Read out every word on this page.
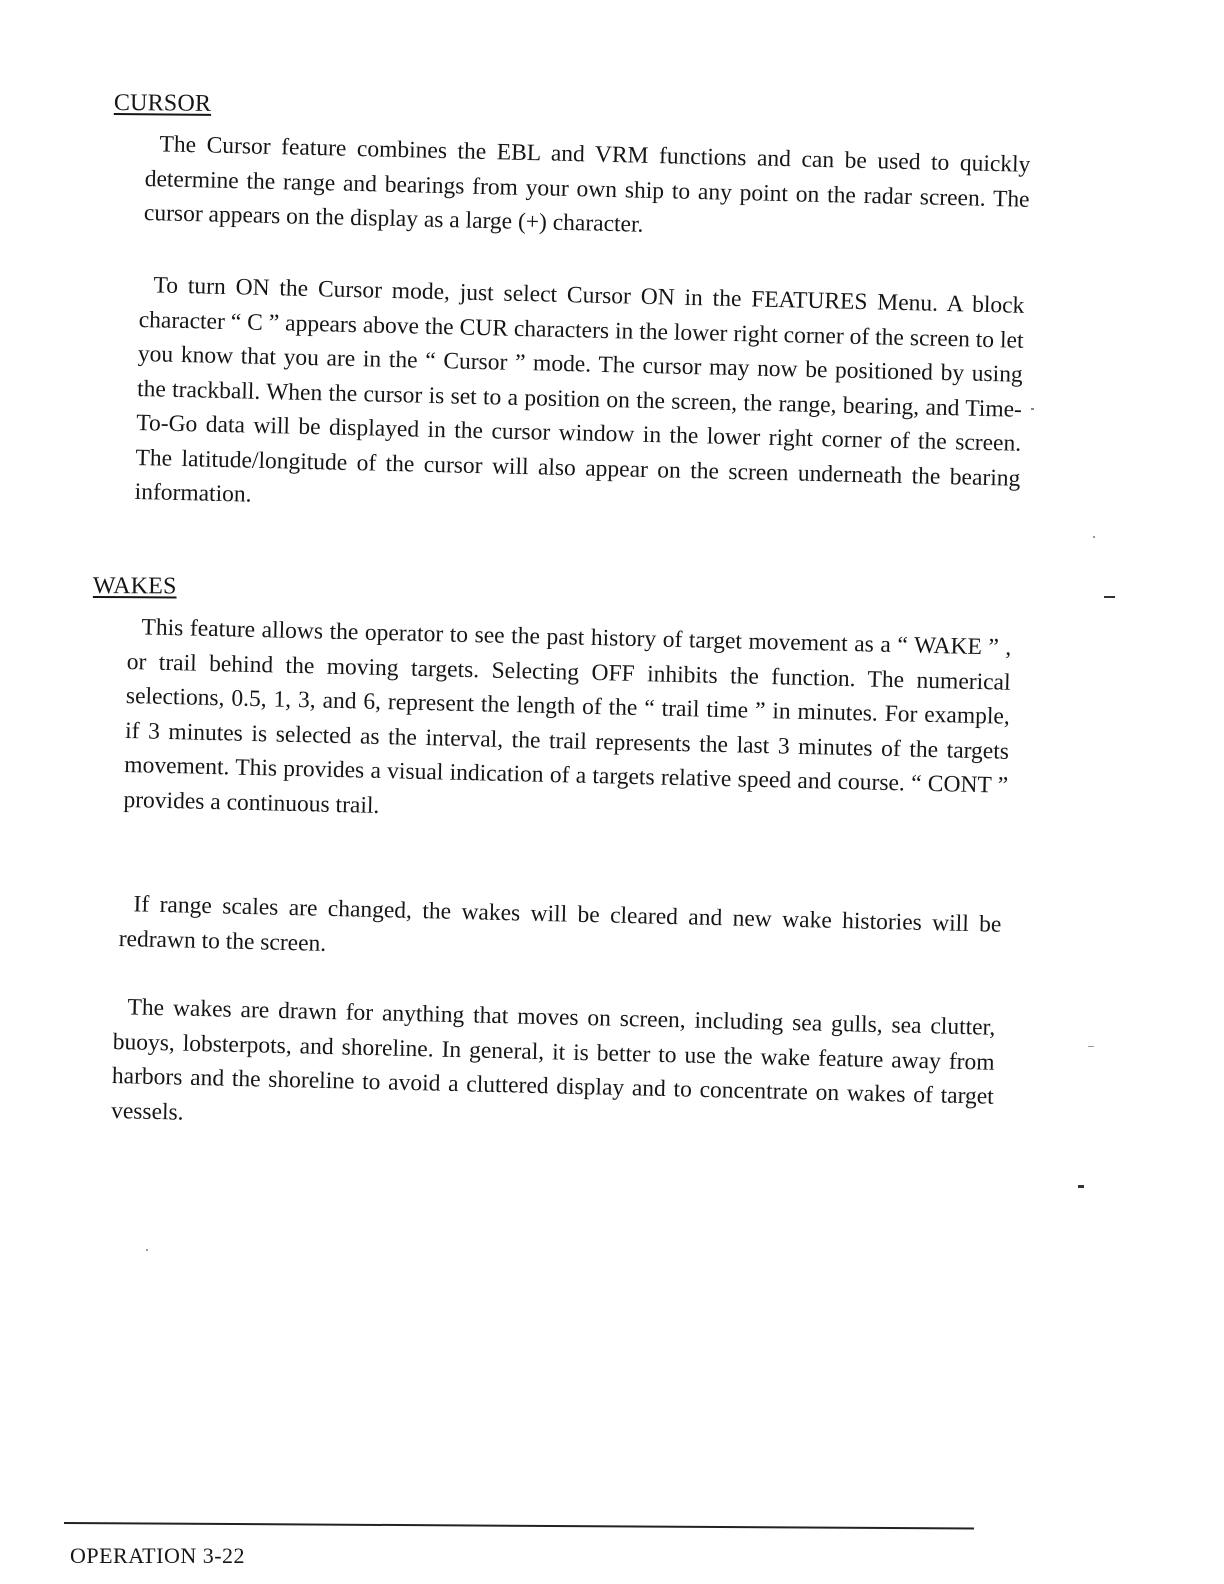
CURSOR

The Cursor feature combines the EBL and VRM functions and can be used to quickly determine the range and bearings from your own ship to any point on the radar screen. The cursor appears on the display as a large (+) character.

To turn ON the Cursor mode, just select Cursor ON in the FEATURES Menu. A block character “ C ” appears above the CUR characters in the lower right corner of the screen to let you know that you are in the “ Cursor ” mode. The cursor may now be positioned by using the trackball. When the cursor is set to a position on the screen, the range, bearing, and Time-To-Go data will be displayed in the cursor window in the lower right corner of the screen. The latitude/longitude of the cursor will also appear on the screen underneath the bearing information.

WAKES

This feature allows the operator to see the past history of target movement as a “ WAKE ” , or trail behind the moving targets. Selecting OFF inhibits the function. The numerical selections, 0.5, 1, 3, and 6, represent the length of the “ trail time ” in minutes. For example, if 3 minutes is selected as the interval, the trail represents the last 3 minutes of the targets movement. This provides a visual indication of a targets relative speed and course. “ CONT ” provides a continuous trail.

If range scales are changed, the wakes will be cleared and new wake histories will be redrawn to the screen.

The wakes are drawn for anything that moves on screen, including sea gulls, sea clutter, buoys, lobsterpots, and shoreline. In general, it is better to use the wake feature away from harbors and the shoreline to avoid a cluttered display and to concentrate on wakes of target vessels.

OPERATION 3-22
